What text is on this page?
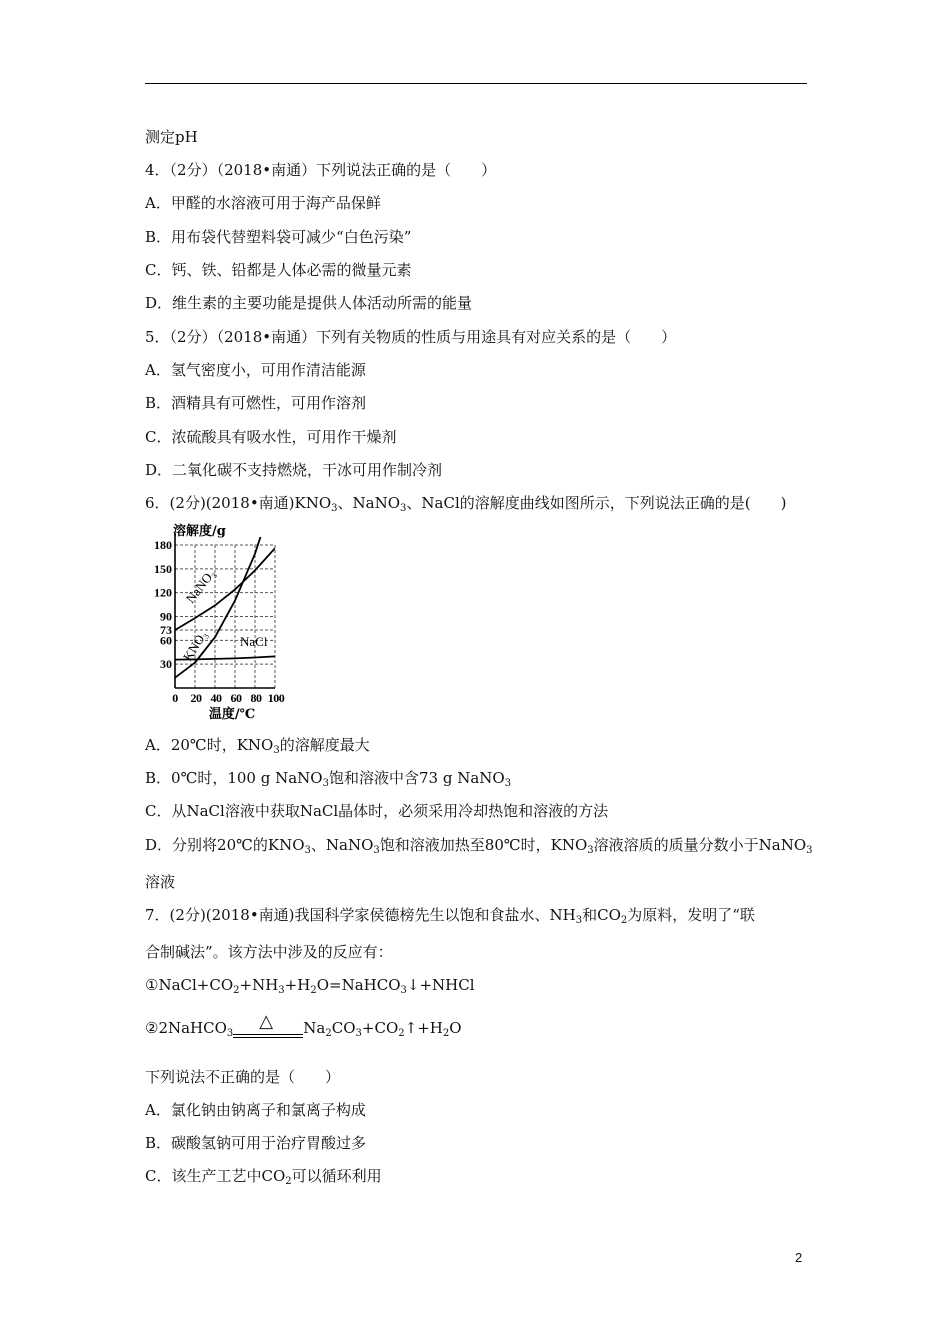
测定pH
4．（2分）（2018•南通）下列说法正确的是（　　）
A．甲醛的水溶液可用于海产品保鲜
B．用布袋代替塑料袋可减少“白色污染”
C．钙、铁、铅都是人体必需的微量元素
D．维生素的主要功能是提供人体活动所需的能量
5．（2分）（2018•南通）下列有关物质的性质与用途具有对应关系的是（　　）
A．氢气密度小，可用作清洁能源
B．酒精具有可燃性，可用作溶剂
C．浓硫酸具有吸水性，可用作干燥剂
D．二氧化碳不支持燃烧，干冰可用作制冷剂
6．(2分)(2018•南通)$KNO_3$、NaNO$_3$、NaCl的溶解度曲线如图所示，下列说法正确的是(　　)
180
150
120
90
73
60
30
0 20 40 60 80 100
溶解度/g
温度/℃
NaNO₃
KNO₃ NaCl
A．20℃时，$KNO_3$的溶解度最大
B．0℃时，100 g NaNO$_3$饱和溶液中含73 g NaNO$_3$
C．从NaCl溶液中获取NaCl晶体时，必须采用冷却热饱和溶液的方法
D．分别将20℃的$KNO_3$、NaNO$_3$饱和溶液加热至80℃时，$KNO_3$溶液溶质的质量分数小于NaNO$_3$
溶液
7．(2分)(2018•南通)我国科学家侯德榜先生以饱和食盐水、$NH_3$和$CO_2$为原料，发明了“联
合制碱法”。该方法中涉及的反应有：
$①NaCl+CO_2+NH_3+H_2O=NaHCO_3↓+NHCl$
②2NaHCO$_3$
△ $Na_2CO_3+CO_2↑+H_2O$
下列说法不正确的是（　　）
A．氯化钠由钠离子和氯离子构成
B．碳酸氢钠可用于治疗胃酸过多
C．该生产工艺中$CO_2$可以循环利用
2
